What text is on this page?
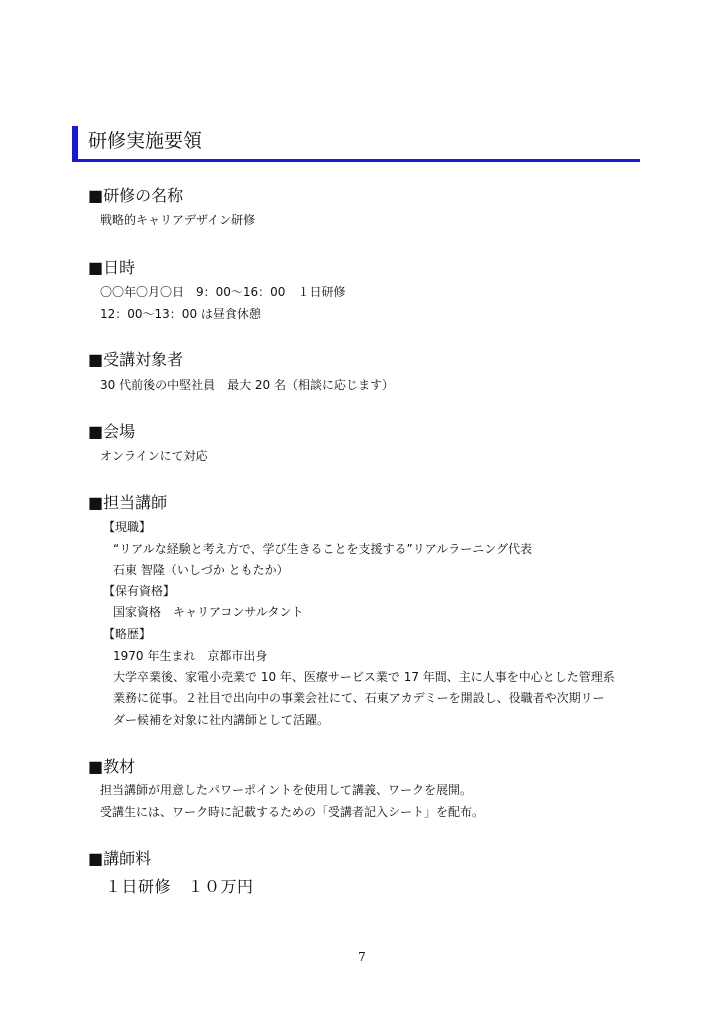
研修実施要領
■研修の名称
戦略的キャリアデザイン研修
■日時
〇〇年〇月〇日　9：00～16：00　１日研修
12：00～13：00 は昼食休憩
■受講対象者
30 代前後の中堅社員　最大 20 名（相談に応じます）
■会場
オンラインにて対応
■担当講師
【現職】
“リアルな経験と考え方で、学び生きることを支援する”リアルラーニング代表
石東 智隆（いしづか ともたか）
【保有資格】
国家資格　キャリアコンサルタント
【略歴】
1970 年生まれ　京都市出身
大学卒業後、家電小売業で 10 年、医療サービス業で 17 年間、主に人事を中心とした管理系
業務に従事。２社目で出向中の事業会社にて、石東アカデミーを開設し、役職者や次期リー
ダー候補を対象に社内講師として活躍。
■教材
担当講師が用意したパワーポイントを使用して講義、ワークを展開。
受講生には、ワーク時に記載するための「受講者記入シート」を配布。
■講師料
１日研修　１０万円
7
